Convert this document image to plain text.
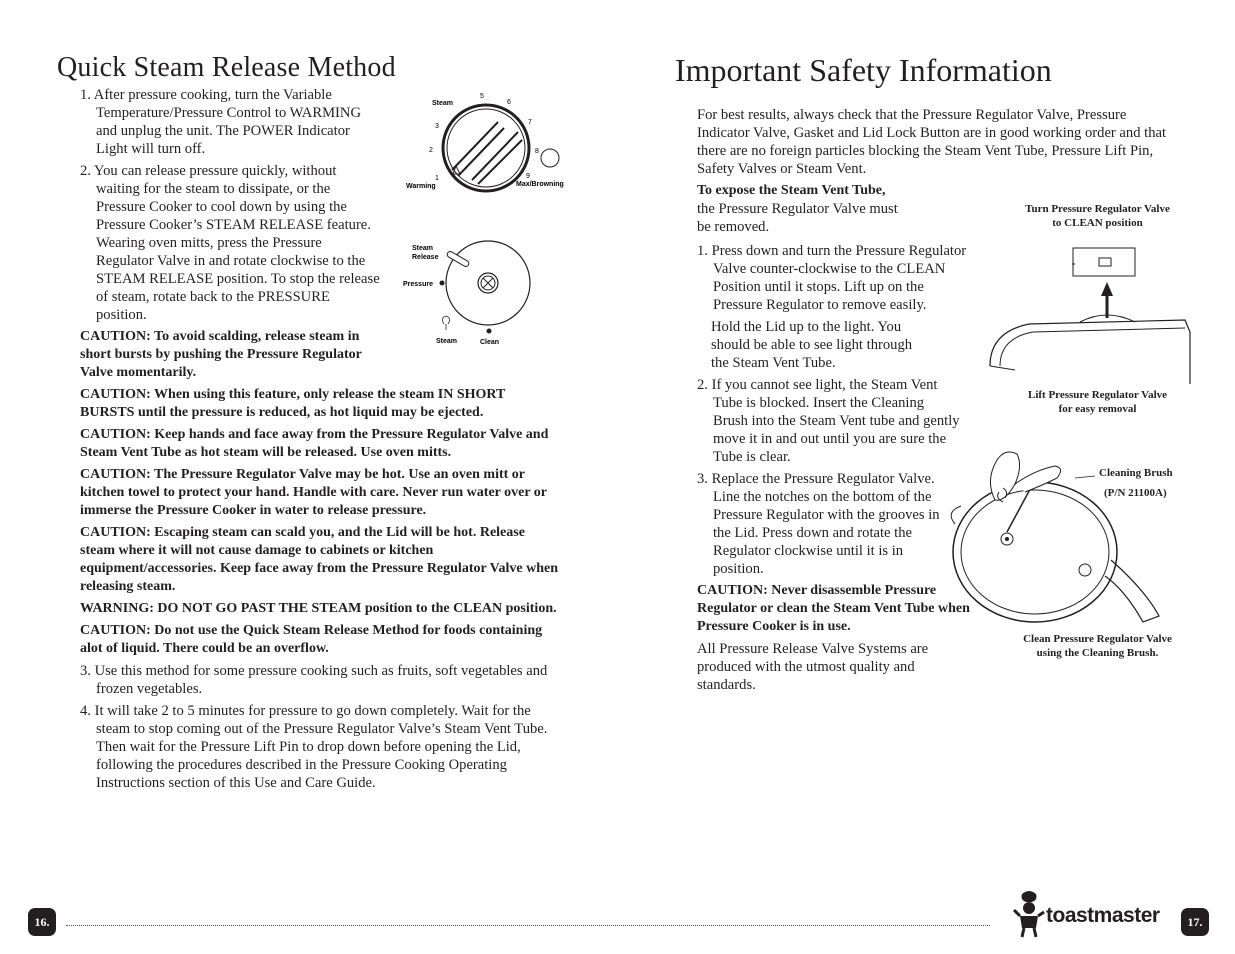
Quick Steam Release Method

1. After pressure cooking, turn the Variable Temperature/Pressure Control to WARMING and unplug the unit. The POWER Indicator Light will turn off.

2. You can release pressure quickly, without waiting for the steam to dissipate, or the Pressure Cooker to cool down by using the Pressure Cooker’s STEAM RELEASE feature. Wearing oven mitts, press the Pressure Regulator Valve in and rotate clockwise to the STEAM RELEASE position. To stop the release of steam, rotate back to the PRESSURE position.

CAUTION: To avoid scalding, release steam in short bursts by pushing the Pressure Regulator Valve momentarily.

CAUTION: When using this feature, only release the steam IN SHORT BURSTS until the pressure is reduced, as hot liquid may be ejected.

CAUTION: Keep hands and face away from the Pressure Regulator Valve and Steam Vent Tube as hot steam will be released. Use oven mitts.

CAUTION: The Pressure Regulator Valve may be hot. Use an oven mitt or kitchen towel to protect your hand. Handle with care. Never run water over or immerse the Pressure Cooker in water to release pressure.

CAUTION: Escaping steam can scald you, and the Lid will be hot. Release steam where it will not cause damage to cabinets or kitchen equipment/accessories. Keep face away from the Pressure Regulator Valve when releasing steam.

WARNING: DO NOT GO PAST THE STEAM position to the CLEAN position.

CAUTION: Do not use the Quick Steam Release Method for foods containing alot of liquid. There could be an overflow.

3. Use this method for some pressure cooking such as fruits, soft vegetables and frozen vegetables.

4. It will take 2 to 5 minutes for pressure to go down completely. Wait for the steam to stop coming out of the Pressure Regulator Valve’s Steam Vent Tube. Then wait for the Pressure Lift Pin to drop down before opening the Lid, following the procedures described in the Pressure Cooking Operating Instructions section of this Use and Care Guide.

Steam
5
6
7
8
9
3
2
1
Warming	Max/Browning
Steam
Release
Pressure
Steam	Clean
Important Safety Information
For best results, always check that the Pressure Regulator Valve, Pressure Indicator Valve, Gasket and Lid Lock Button are in good working order and that there are no foreign particles blocking the Steam Vent Tube, Pressure Lift Pin, Safety Valves or Steam Vent.

To expose the Steam Vent Tube,

the Pressure Regulator Valve must be removed.

1. Press down and turn the Pressure Regulator Valve counter-clockwise to the CLEAN Position until it stops. Lift up on the Pressure Regulator to remove easily.

Hold the Lid up to the light. You should be able to see light through the Steam Vent Tube.

2. If you cannot see light, the Steam Vent Tube is blocked. Insert the Cleaning Brush into the Steam Vent tube and gently move it in and out until you are sure the Tube is clear.

3. Replace the Pressure Regulator Valve. Line the notches on the bottom of the Pressure Regulator with the grooves in the Lid. Press down and rotate the Regulator clockwise until it is in position.

CAUTION: Never disassemble Pressure Regulator or clean the Steam Vent Tube when Pressure Cooker is in use.

All Pressure Release Valve Systems are produced with the utmost quality and standards.

Turn Pressure Regulator Valve to CLEAN position
Lift Pressure Regulator Valve for easy removal
Cleaning Brush
(P/N 21100A)
Clean Pressure Regulator Valve using the Cleaning Brush.
16.	toastmaster	17.
